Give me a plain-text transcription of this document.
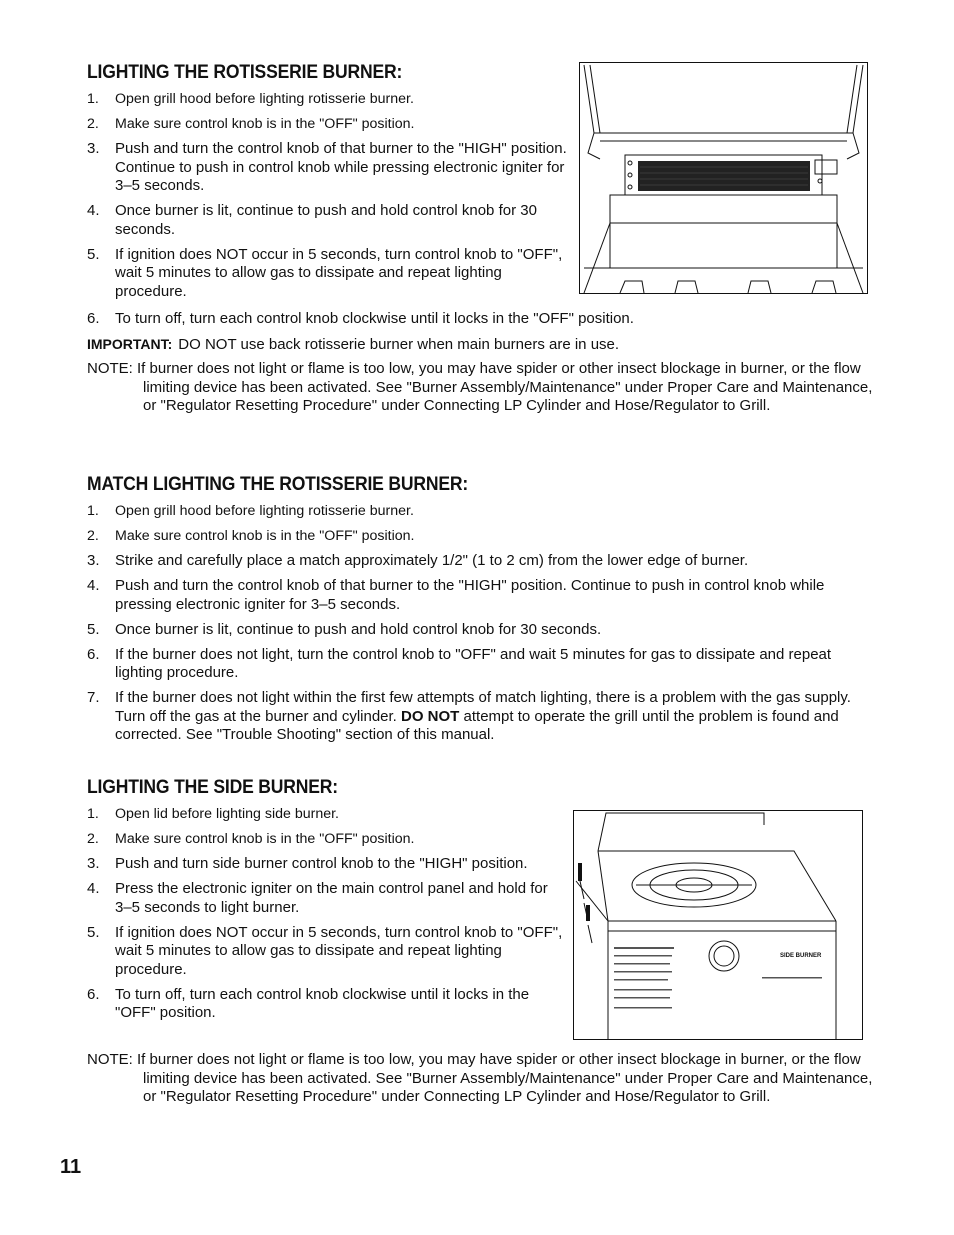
LIGHTING THE ROTISSERIE BURNER:
1. Open grill hood before lighting rotisserie burner.
2. Make sure control knob is in the "OFF" position.
3. Push and turn the control knob of that burner to the "HIGH" position. Continue to push in control knob while pressing electronic igniter for 3–5 seconds.
4. Once burner is lit, continue to push and hold control knob for 30 seconds.
5. If ignition does NOT occur in 5 seconds, turn control knob to "OFF", wait 5 minutes to allow gas to dissipate and repeat lighting procedure.
6. To turn off, turn each control knob clockwise until it locks in the "OFF" position.
IMPORTANT: DO NOT use back rotisserie burner when main burners are in use.
NOTE: If burner does not light or flame is too low, you may have spider or other insect blockage in burner, or the flow limiting device has been activated. See "Burner Assembly/Maintenance" under Proper Care and Maintenance, or "Regulator Resetting Procedure" under Connecting LP Cylinder and Hose/Regulator to Grill.
MATCH LIGHTING THE ROTISSERIE BURNER:
1. Open grill hood before lighting rotisserie burner.
2. Make sure control knob is in the "OFF" position.
3. Strike and carefully place a match approximately 1/2" (1 to 2 cm) from the lower edge of burner.
4. Push and turn the control knob of that burner to the "HIGH" position. Continue to push in control knob while pressing electronic igniter for 3–5 seconds.
5. Once burner is lit, continue to push and hold control knob for 30 seconds.
6. If the burner does not light, turn the control knob to "OFF" and wait 5 minutes for gas to dissipate and repeat lighting procedure.
7. If the burner does not light within the first few attempts of match lighting, there is a problem with the gas supply. Turn off the gas at the burner and cylinder. DO NOT attempt to operate the grill until the problem is found and corrected. See "Trouble Shooting" section of this manual.
LIGHTING THE SIDE BURNER:
1. Open lid before lighting side burner.
2. Make sure control knob is in the "OFF" position.
3. Push and turn side burner control knob to the "HIGH" position.
4. Press the electronic igniter on the main control panel and hold for 3–5 seconds to light burner.
5. If ignition does NOT occur in 5 seconds, turn control knob to "OFF", wait 5 minutes to allow gas to dissipate and repeat lighting procedure.
6. To turn off, turn each control knob clockwise until it locks in the "OFF" position.
NOTE: If burner does not light or flame is too low, you may have spider or other insect blockage in burner, or the flow limiting device has been activated. See "Burner Assembly/Maintenance" under Proper Care and Maintenance, or "Regulator Resetting Procedure" under Connecting LP Cylinder and Hose/Regulator to Grill.
SIDE BURNER
11
